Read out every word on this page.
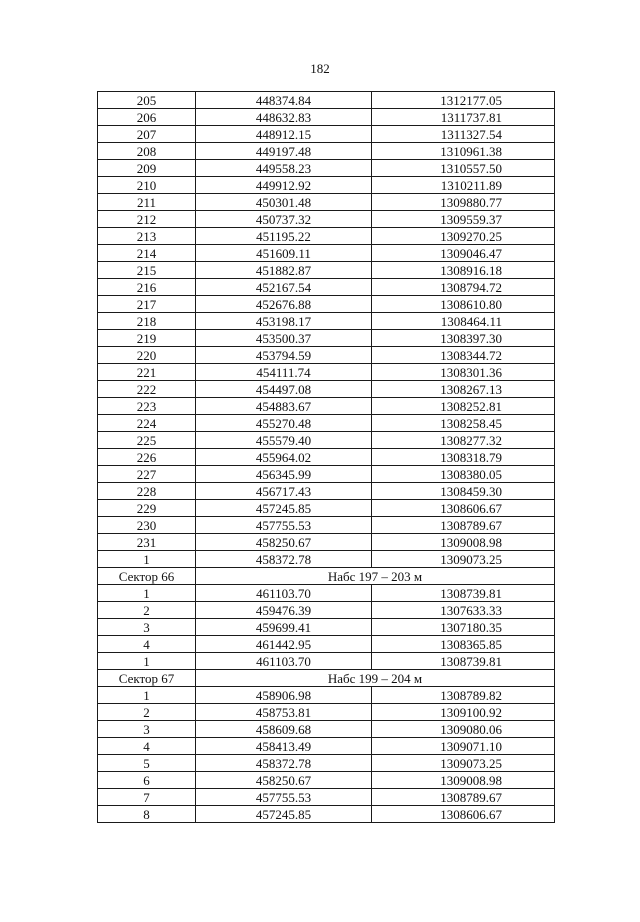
182
205	448374.84	1312177.05
206	448632.83	1311737.81
207	448912.15	1311327.54
208	449197.48	1310961.38
209	449558.23	1310557.50
210	449912.92	1310211.89
211	450301.48	1309880.77
212	450737.32	1309559.37
213	451195.22	1309270.25
214	451609.11	1309046.47
215	451882.87	1308916.18
216	452167.54	1308794.72
217	452676.88	1308610.80
218	453198.17	1308464.11
219	453500.37	1308397.30
220	453794.59	1308344.72
221	454111.74	1308301.36
222	454497.08	1308267.13
223	454883.67	1308252.81
224	455270.48	1308258.45
225	455579.40	1308277.32
226	455964.02	1308318.79
227	456345.99	1308380.05
228	456717.43	1308459.30
229	457245.85	1308606.67
230	457755.53	1308789.67
231	458250.67	1309008.98
1	458372.78	1309073.25
Сектор 66	Набс 197 – 203 м	
1	461103.70	1308739.81
2	459476.39	1307633.33
3	459699.41	1307180.35
4	461442.95	1308365.85
1	461103.70	1308739.81
Сектор 67	Набс 199 – 204 м	
1	458906.98	1308789.82
2	458753.81	1309100.92
3	458609.68	1309080.06
4	458413.49	1309071.10
5	458372.78	1309073.25
6	458250.67	1309008.98
7	457755.53	1308789.67
8	457245.85	1308606.67
